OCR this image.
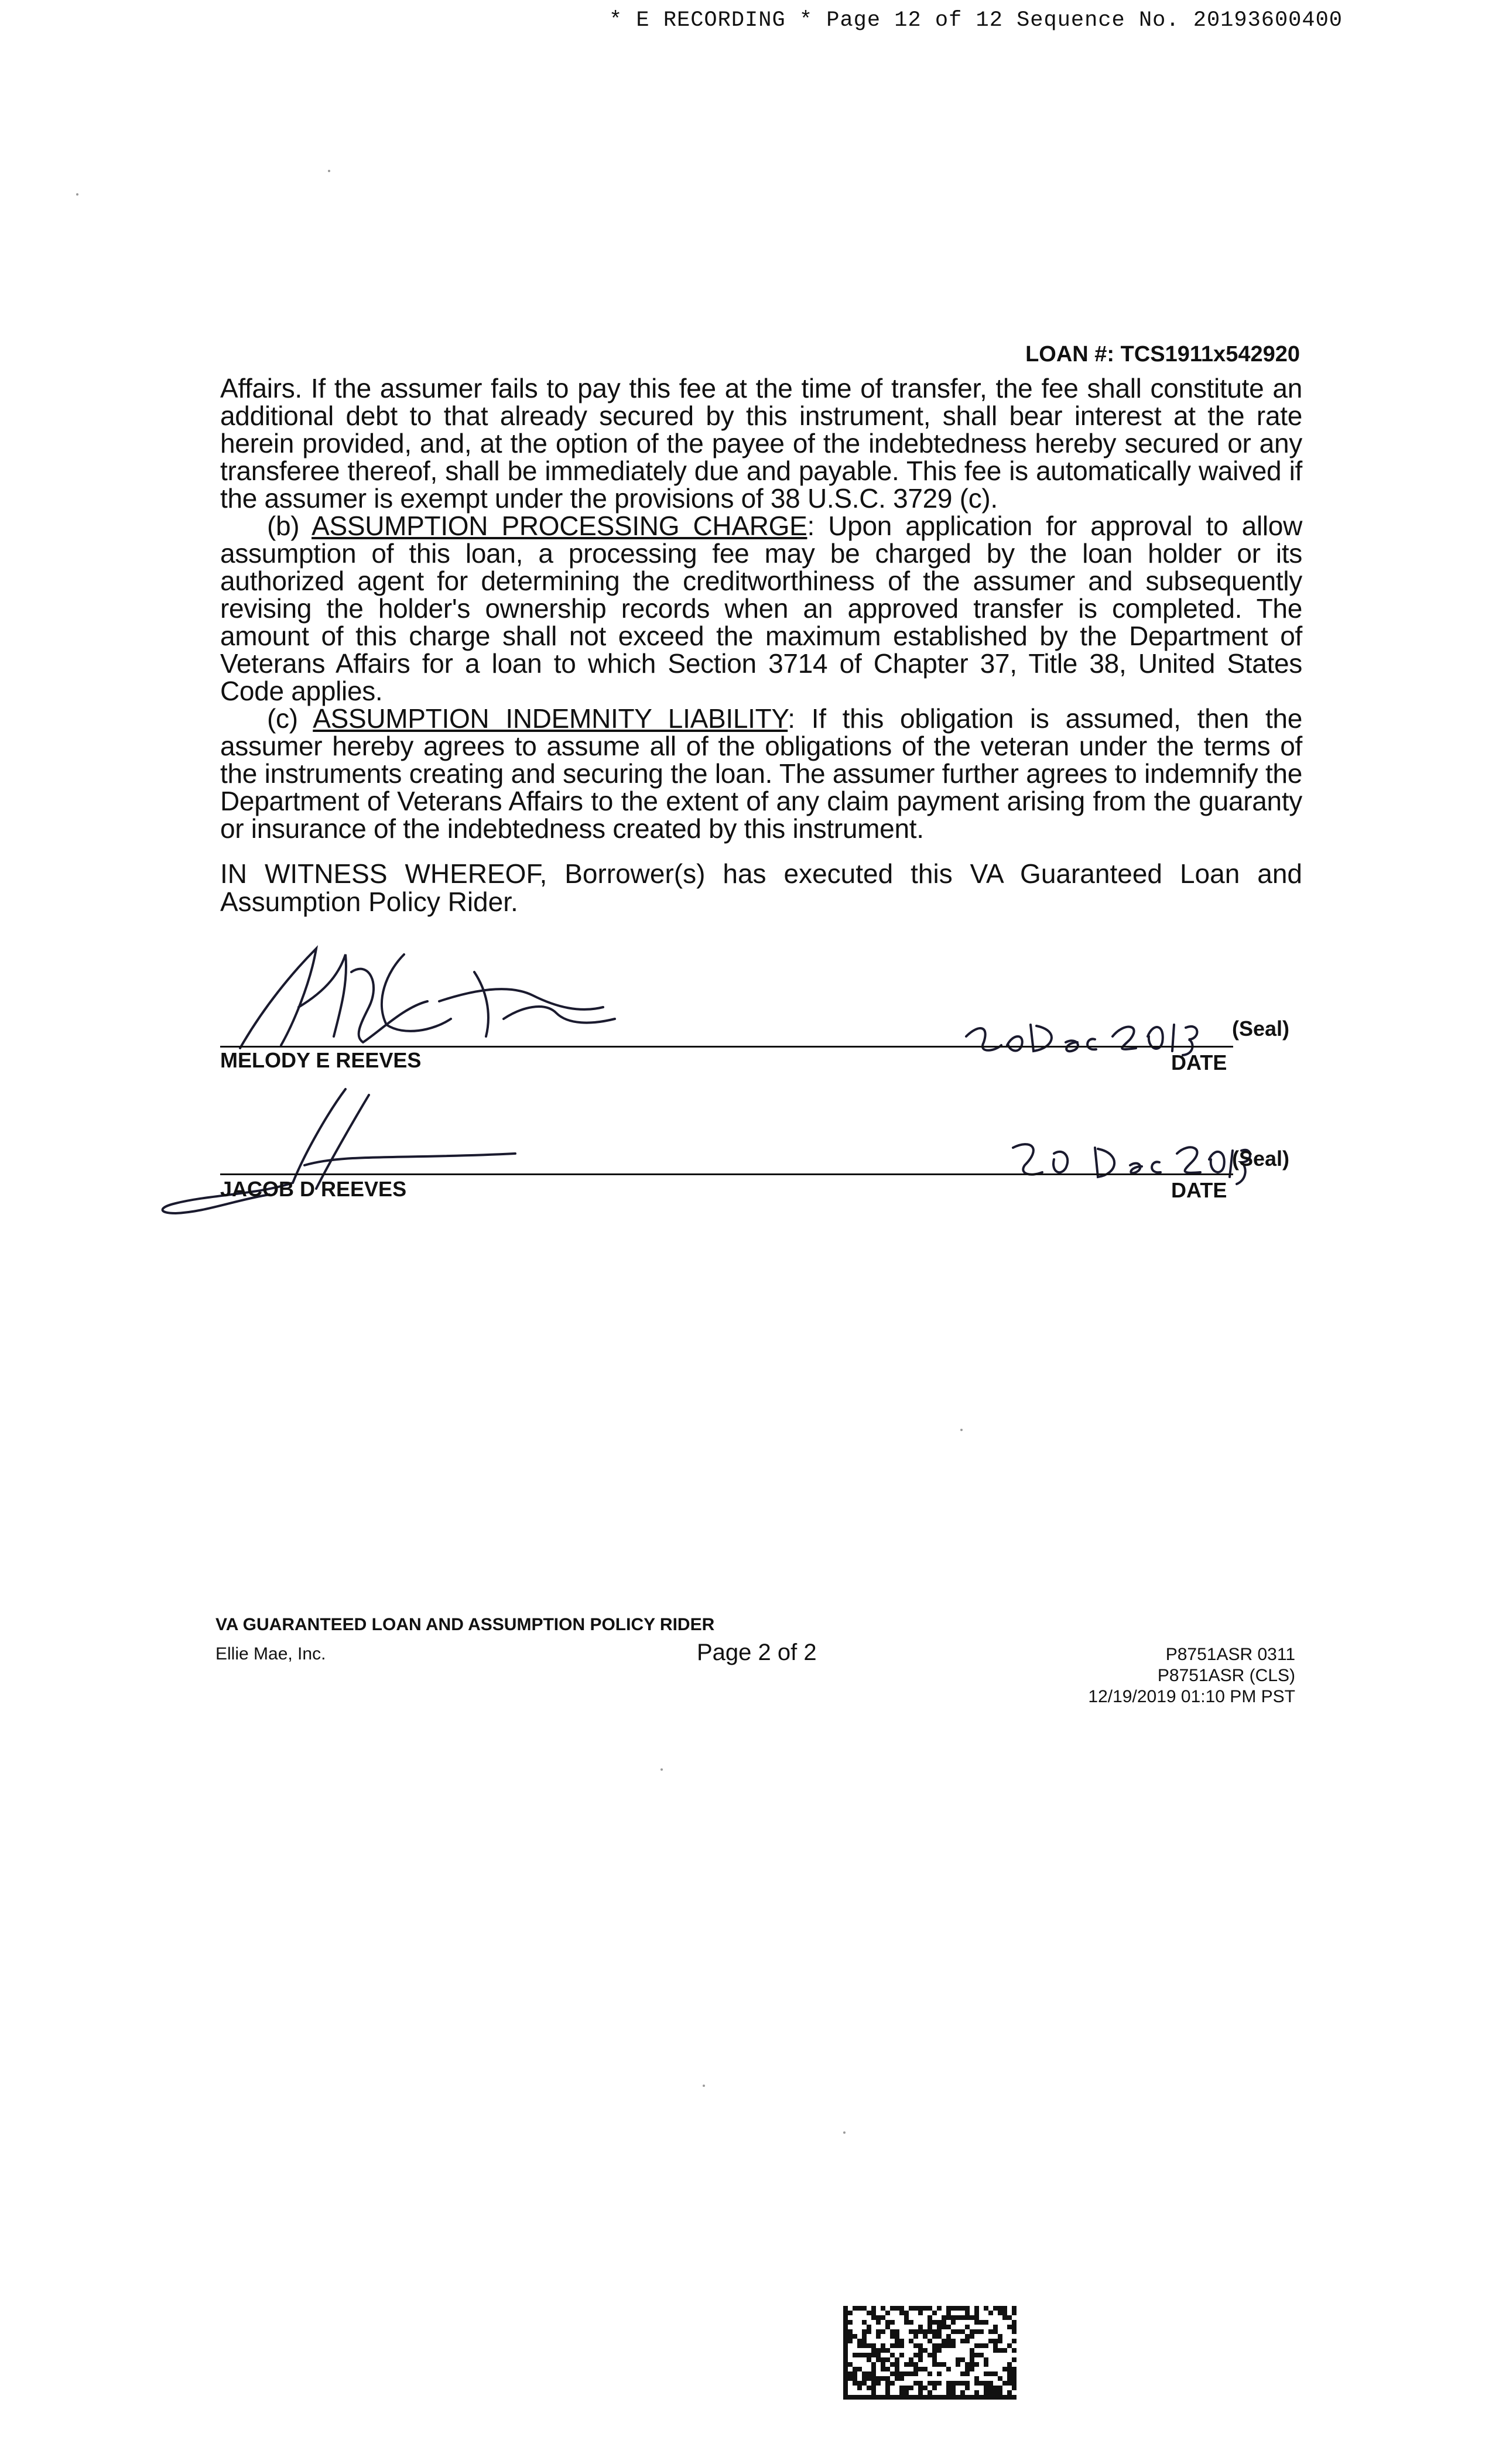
* E RECORDING * Page 12 of 12 Sequence No. 20193600400
LOAN #: TCS1911x542920

Affairs. If the assumer fails to pay this fee at the time of transfer, the fee shall constitute an additional debt to that already secured by this instrument, shall bear interest at the rate herein provided, and, at the option of the payee of the indebtedness hereby secured or any transferee thereof, shall be immediately due and payable. This fee is automatically waived if the assumer is exempt under the provisions of 38 U.S.C. 3729 (c).

(b) ASSUMPTION PROCESSING CHARGE: Upon application for approval to allow assumption of this loan, a processing fee may be charged by the loan holder or its authorized agent for determining the creditworthiness of the assumer and subsequently revising the holder's ownership records when an approved transfer is completed. The amount of this charge shall not exceed the maximum established by the Department of Veterans Affairs for a loan to which Section 3714 of Chapter 37, Title 38, United States Code applies.

(c) ASSUMPTION INDEMNITY LIABILITY: If this obligation is assumed, then the assumer hereby agrees to assume all of the obligations of the veteran under the terms of the instruments creating and securing the loan. The assumer further agrees to indemnify the Department of Veterans Affairs to the extent of any claim payment arising from the guaranty or insurance of the indebtedness created by this instrument.

IN WITNESS WHEREOF, Borrower(s) has executed this VA Guaranteed Loan and Assumption Policy Rider.
(Seal)
MELODY E REEVES	DATE
(Seal)
JACOB D REEVES	DATE
VA GUARANTEED LOAN AND ASSUMPTION POLICY RIDER
Ellie Mae, Inc.	Page 2 of 2	P8751ASR 0311
P8751ASR (CLS)
12/19/2019 01:10 PM PST
